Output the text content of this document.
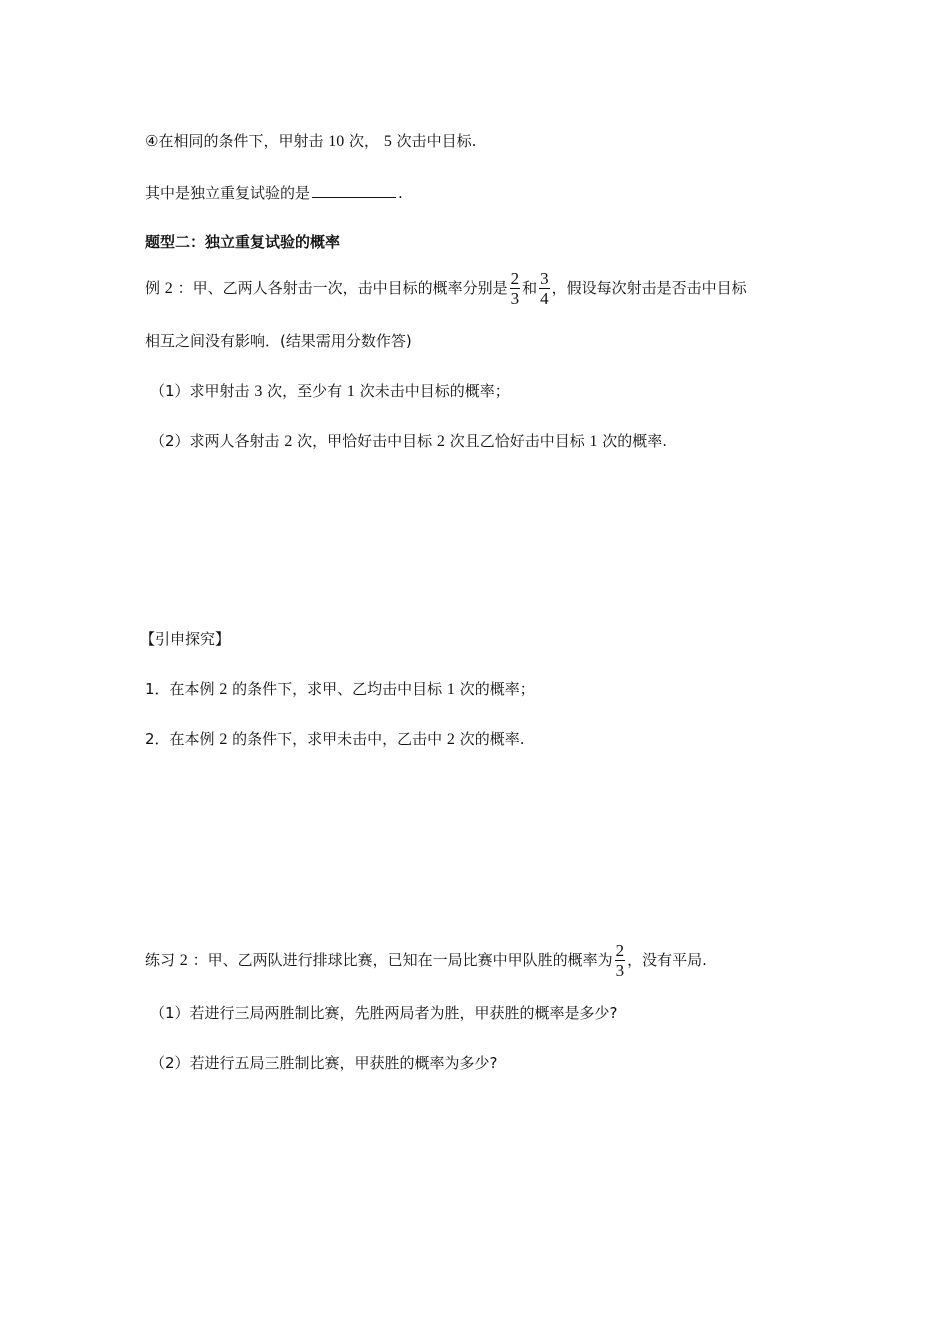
④在相同的条件下，甲射击 10 次， 5 次击中目标.
其中是独立重复试验的是	.
题型二：独立重复试验的概率
例 2 ：甲、乙两人各射击一次，击中目标的概率分别是 $\frac{2}{3}$ 和 $\frac{3}{4}$ ，假设每次射击是否击中目标
相互之间没有影响．(结果需用分数作答)
（1）求甲射击 3 次，至少有 1 次未击中目标的概率；
（2）求两人各射击 2 次，甲恰好击中目标 2 次且乙恰好击中目标 1 次的概率.
【引申探究】
1．在本例 2 的条件下，求甲、乙均击中目标 1 次的概率；
2．在本例 2 的条件下，求甲未击中，乙击中 2 次的概率.
练习 2 ：甲、乙两队进行排球比赛，已知在一局比赛中甲队胜的概率为 $\frac{2}{3}$ ，没有平局.
（1）若进行三局两胜制比赛，先胜两局者为胜，甲获胜的概率是多少?
（2）若进行五局三胜制比赛，甲获胜的概率为多少?
